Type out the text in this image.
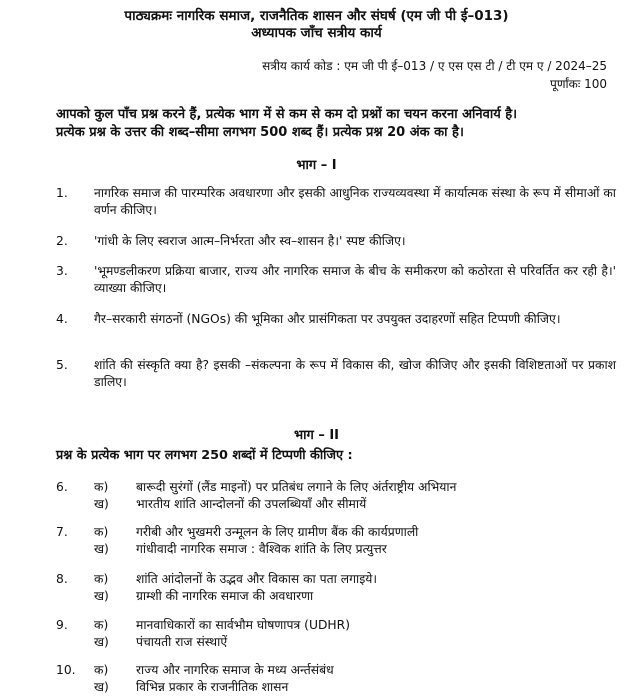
पाठ्यक्रमः नागरिक समाज, राजनैतिक शासन और संघर्ष (एम जी पी ई–013)
अध्यापक जाँच सत्रीय कार्य
सत्रीय कार्य कोड : एम जी पी ई–013 / ए एस एस टी / टी एम ए / 2024–25
पूर्णांकः 100
आपको कुल पाँच प्रश्न करने हैं, प्रत्येक भाग में से कम से कम दो प्रश्नों का चयन करना अनिवार्य है।
प्रत्येक प्रश्न के उत्तर की शब्द–सीमा लगभग 500 शब्द हैं। प्रत्येक प्रश्न 20 अंक का है।
भाग – I
1.	नागरिक समाज की पारम्परिक अवधारणा और इसकी आधुनिक राज्यव्यवस्था में कार्यात्मक संस्था के रूप में सीमाओं का वर्णन कीजिए।
2.	'गांधी के लिए स्वराज आत्म–निर्भरता और स्व–शासन है।' स्पष्ट कीजिए।
3.	'भूमण्डलीकरण प्रक्रिया बाजार, राज्य और नागरिक समाज के बीच के समीकरण को कठोरता से परिवर्तित कर रही है।' व्याख्या कीजिए।
4.	गैर–सरकारी संगठनों (NGOs) की भूमिका और प्रासंगिकता पर उपयुक्त उदाहरणों सहित टिप्पणी कीजिए।
5.	शांति की संस्कृति क्या है? इसकी –संकल्पना के रूप में विकास की, खोज कीजिए और इसकी विशिष्टताओं पर प्रकाश डालिए।
भाग – II
प्रश्न के प्रत्येक भाग पर लगभग 250 शब्दों में टिप्पणी कीजिए :
6. क) बारूदी सुरंगों (लैंड माइनों) पर प्रतिबंध लगाने के लिए अंर्तराष्ट्रीय अभियान
ख) भारतीय शांति आन्दोलनों की उपलब्धियाँ और सीमायें
7. क) गरीबी और भुखमरी उन्मूलन के लिए ग्रामीण बैंक की कार्यप्रणाली
ख) गांधीवादी नागरिक समाज : वैश्विक शांति के लिए प्रत्युत्तर
8. क) शांति आंदोलनों के उद्भव और विकास का पता लगाइये।
ख) ग्राम्शी की नागरिक समाज की अवधारणा
9. क) मानवाधिकारों का सार्वभौम घोषणापत्र (UDHR)
ख) पंचायती राज संस्थाऐं
10. क) राज्य और नागरिक समाज के मध्य अर्न्तसंबंध
ख) विभिन्न प्रकार के राजनीतिक शासन
